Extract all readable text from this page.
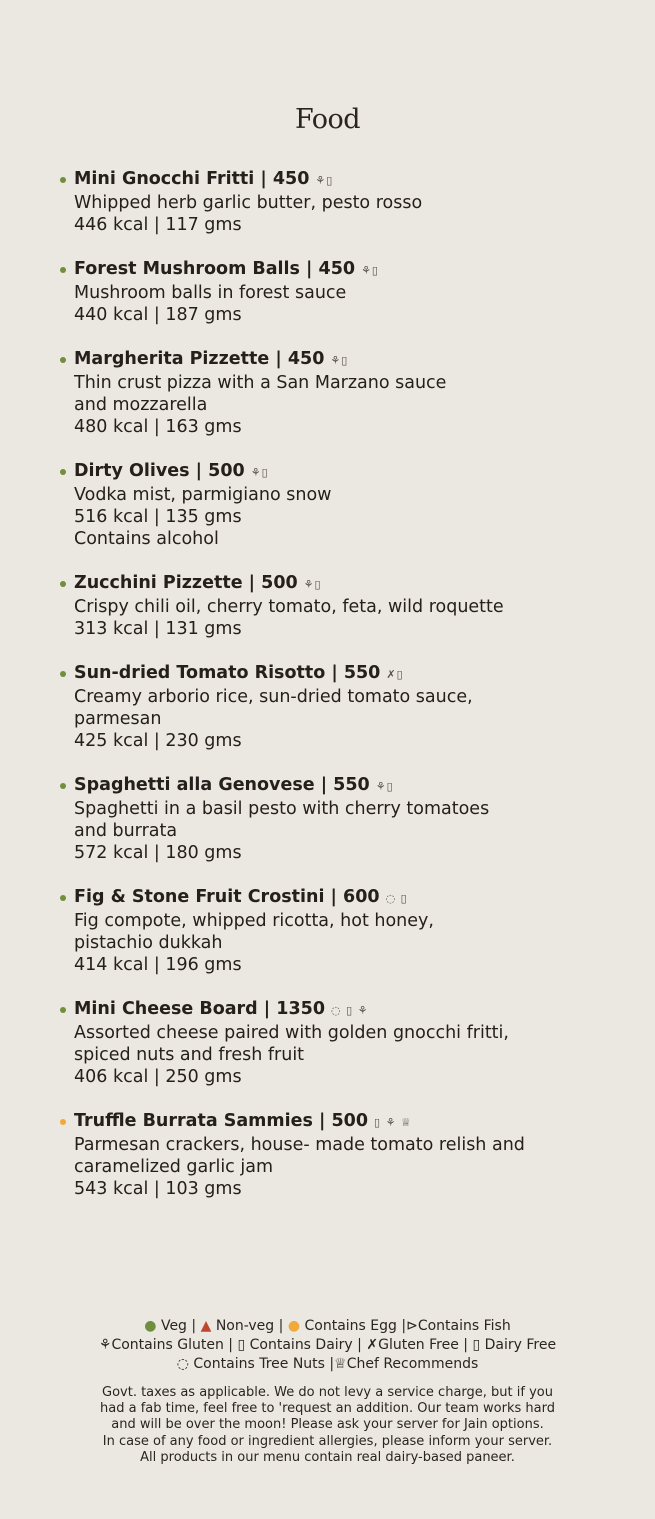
Food
Mini Gnocchi Fritti | 450 ⚘▯
Whipped herb garlic butter, pesto rosso
446 kcal | 117 gms
Forest Mushroom Balls | 450 ⚘▯
Mushroom balls in forest sauce
440 kcal | 187 gms
Margherita Pizzette | 450 ⚘▯
Thin crust pizza with a San Marzano sauce
and mozzarella
480 kcal | 163 gms
Dirty Olives | 500 ⚘▯
Vodka mist, parmigiano snow
516 kcal | 135 gms
Contains alcohol
Zucchini Pizzette | 500 ⚘▯
Crispy chili oil, cherry tomato, feta, wild roquette
313 kcal | 131 gms
Sun-dried Tomato Risotto | 550 ✗▯
Creamy arborio rice, sun-dried tomato sauce,
parmesan
425 kcal | 230 gms
Spaghetti alla Genovese | 550 ⚘▯
Spaghetti in a basil pesto with cherry tomatoes
and burrata
572 kcal | 180 gms
Fig & Stone Fruit Crostini | 600 ◌ ▯
Fig compote, whipped ricotta, hot honey,
pistachio dukkah
414 kcal | 196 gms
Mini Cheese Board | 1350 ◌ ▯ ⚘
Assorted cheese paired with golden gnocchi fritti,
spiced nuts and fresh fruit
406 kcal | 250 gms
Truffle Burrata Sammies | 500 ▯ ⚘ ♕
Parmesan crackers, house- made tomato relish and
caramelized garlic jam
543 kcal | 103 gms
● Veg | ▲ Non-veg | ● Contains Egg |⊳Contains Fish
⚘Contains Gluten | ▯ Contains Dairy | ✗Gluten Free | ▯ Dairy Free
◌ Contains Tree Nuts |♕Chef Recommends
Govt. taxes as applicable. We do not levy a service charge, but if you
had a fab time, feel free to 'request an addition. Our team works hard
and will be over the moon! Please ask your server for Jain options.
In case of any food or ingredient allergies, please inform your server.
All products in our menu contain real dairy-based paneer.
